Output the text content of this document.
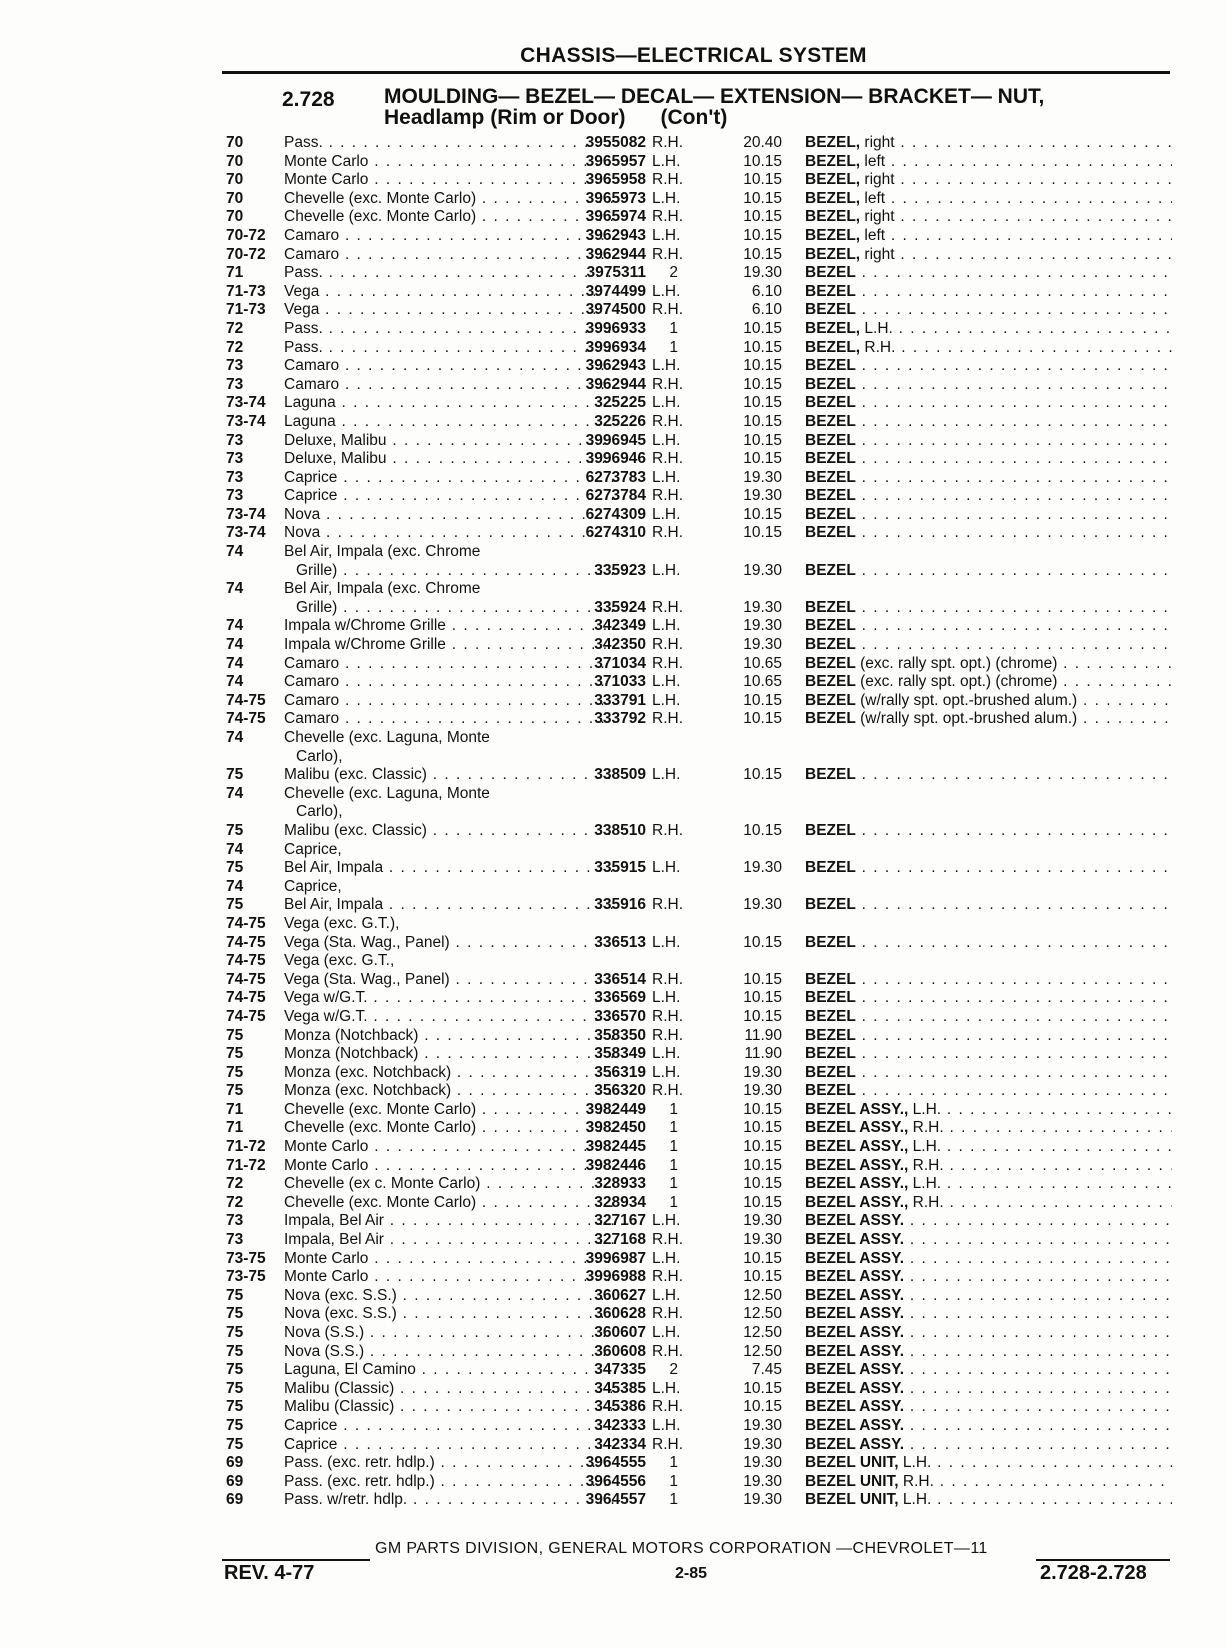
CHASSIS—ELECTRICAL SYSTEM
2.728 MOULDING— BEZEL— DECAL— EXTENSION— BRACKET— NUT,
Headlamp (Rim or Door)      (Con't)
70	Pass. . . .	3955082 R.H.	20.40 BEZEL, right . . .
70	Monte Carlo . . .	3965957 L.H.	10.15 BEZEL, left . . .
70	Monte Carlo . . .	3965958 R.H.	10.15 BEZEL, right . . .
70	Chevelle (exc. Monte Carlo) . . .	3965973 L.H.	10.15 BEZEL, left . . .
70	Chevelle (exc. Monte Carlo) . . .	3965974 R.H.	10.15 BEZEL, right . . .
70-72 Camaro . . .	3962943 L.H.	10.15 BEZEL, left . . .
70-72 Camaro . . .	3962944 R.H.	10.15 BEZEL, right . . .
71	Pass. . . .	3975311	2	19.30 BEZEL . . .
71-73 Vega . . .	3974499 L.H.	6.10 BEZEL . . .
71-73 Vega . . .	3974500 R.H.	6.10 BEZEL . . .
72	Pass. . . .	3996933	1	10.15 BEZEL, L.H. . . .
72	Pass. . . .	3996934	1	10.15 BEZEL, R.H. . . .
73	Camaro . . .	3962943 L.H.	10.15 BEZEL . . .
73	Camaro . . .	3962944 R.H.	10.15 BEZEL . . .
73-74 Laguna . . .	325225 L.H.	10.15 BEZEL . . .
73-74 Laguna . . .	325226 R.H.	10.15 BEZEL . . .
73	Deluxe, Malibu . . .	3996945 L.H.	10.15 BEZEL . . .
73	Deluxe, Malibu . . .	3996946 R.H.	10.15 BEZEL . . .
73	Caprice . . .	6273783 L.H.	19.30 BEZEL . . .
73	Caprice . . .	6273784 R.H.	19.30 BEZEL . . .
73-74 Nova . . .	6274309 L.H.	10.15 BEZEL . . .
73-74 Nova . . .	6274310 R.H.	10.15 BEZEL . . .
74	Bel Air, Impala (exc. Chrome
Grille) . . .	335923 L.H.	19.30 BEZEL . . .
74	Bel Air, Impala (exc. Chrome
Grille) . . .	335924 R.H.	19.30 BEZEL . . .
74	Impala w/Chrome Grille . . .	342349 L.H.	19.30 BEZEL . . .
74	Impala w/Chrome Grille . . .	342350 R.H.	19.30 BEZEL . . .
74	Camaro . . .	371034 R.H.	10.65 BEZEL (exc. rally spt. opt.) (chrome) . . .
74	Camaro . . .	371033 L.H.	10.65 BEZEL (exc. rally spt. opt.) (chrome) . . .
74-75 Camaro . . .	333791 L.H.	10.15 BEZEL (w/rally spt. opt.-brushed alum.) . . .
74-75 Camaro . . .	333792 R.H.	10.15 BEZEL (w/rally spt. opt.-brushed alum.) . . .
74	Chevelle (exc. Laguna, Monte
Carlo),
75	Malibu (exc. Classic) . . .	338509 L.H.	10.15 BEZEL . . .
74	Chevelle (exc. Laguna, Monte
Carlo),
75	Malibu (exc. Classic) . . .	338510 R.H.	10.15 BEZEL . . .
74	Caprice,
75	Bel Air, Impala . . .	335915 L.H.	19.30 BEZEL . . .
74	Caprice,
75	Bel Air, Impala . . .	335916 R.H.	19.30 BEZEL . . .
74-75 Vega (exc. G.T.),
74-75 Vega (Sta. Wag., Panel) . . .	336513 L.H.	10.15 BEZEL . . .
74-75 Vega (exc. G.T.,
74-75 Vega (Sta. Wag., Panel) . . .	336514 R.H.	10.15 BEZEL . . .
74-75 Vega w/G.T. . . .	336569 L.H.	10.15 BEZEL . . .
74-75 Vega w/G.T. . . .	336570 R.H.	10.15 BEZEL . . .
75	Monza (Notchback) . . .	358350 R.H.	11.90 BEZEL . . .
75	Monza (Notchback) . . .	358349 L.H.	11.90 BEZEL . . .
75	Monza (exc. Notchback) . . .	356319 L.H.	19.30 BEZEL . . .
75	Monza (exc. Notchback) . . .	356320 R.H.	19.30 BEZEL . . .
71	Chevelle (exc. Monte Carlo) . . .	3982449	1	10.15 BEZEL ASSY., L.H. . . .
71	Chevelle (exc. Monte Carlo) . . .	3982450	1	10.15 BEZEL ASSY., R.H. . . .
71-72 Monte Carlo . . .	3982445	1	10.15 BEZEL ASSY., L.H. . . .
71-72 Monte Carlo . . .	3982446	1	10.15 BEZEL ASSY., R.H. . . .
72	Chevelle (ex c. Monte Carlo) . . .	328933	1	10.15 BEZEL ASSY., L.H. . . .
72	Chevelle (exc. Monte Carlo) . . .	328934	1	10.15 BEZEL ASSY., R.H. . . .
73	Impala, Bel Air . . .	327167 L.H.	19.30 BEZEL ASSY. . . .
73	Impala, Bel Air . . .	327168 R.H.	19.30 BEZEL ASSY. . . .
73-75 Monte Carlo . . .	3996987 L.H.	10.15 BEZEL ASSY. . . .
73-75 Monte Carlo . . .	3996988 R.H.	10.15 BEZEL ASSY. . . .
75	Nova (exc. S.S.) . . .	360627 L.H.	12.50 BEZEL ASSY. . . .
75	Nova (exc. S.S.) . . .	360628 R.H.	12.50 BEZEL ASSY. . . .
75	Nova (S.S.) . . .	360607 L.H.	12.50 BEZEL ASSY. . . .
75	Nova (S.S.) . . .	360608 R.H.	12.50 BEZEL ASSY. . . .
75	Laguna, El Camino . . .	347335	2	7.45 BEZEL ASSY. . . .
75	Malibu (Classic) . . .	345385 L.H.	10.15 BEZEL ASSY. . . .
75	Malibu (Classic) . . .	345386 R.H.	10.15 BEZEL ASSY. . . .
75	Caprice . . .	342333 L.H.	19.30 BEZEL ASSY. . . .
75	Caprice . . .	342334 R.H.	19.30 BEZEL ASSY. . . .
69	Pass. (exc. retr. hdlp.) . . .	3964555	1	19.30 BEZEL UNIT, L.H. . . .
69	Pass. (exc. retr. hdlp.) . . .	3964556	1	19.30 BEZEL UNIT, R.H. . . .
69	Pass. w/retr. hdlp. . . .	3964557	1	19.30 BEZEL UNIT, L.H. . . .
GM PARTS DIVISION, GENERAL MOTORS CORPORATION —CHEVROLET—11
REV. 4-77	2-85	2.728-2.728
